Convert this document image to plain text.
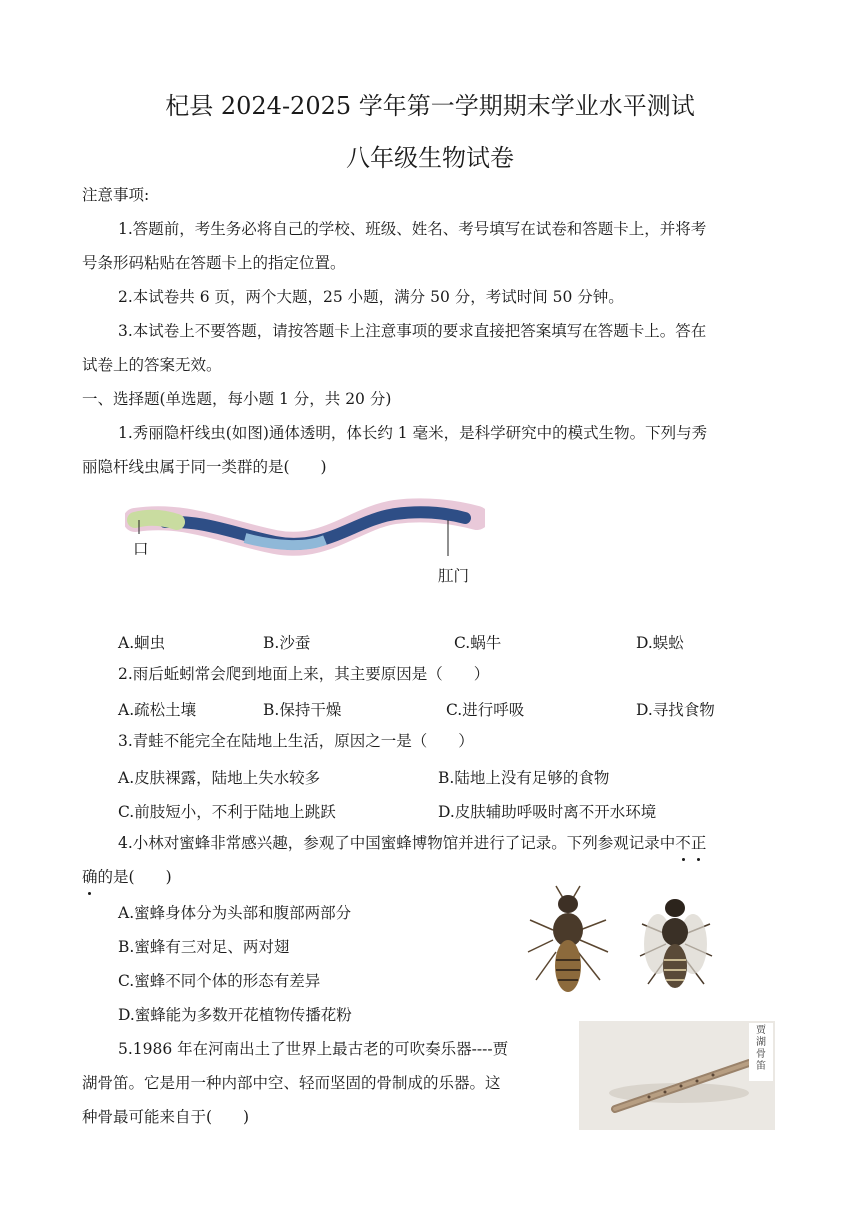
杞县 2024-2025 学年第一学期期末学业水平测试
八年级生物试卷
注意事项:
1.答题前，考生务必将自己的学校、班级、姓名、考号填写在试卷和答题卡上，并将考
号条形码粘贴在答题卡上的指定位置。
2.本试卷共 6 页，两个大题，25 小题，满分 50 分，考试时间 50 分钟。
3.本试卷上不要答题，请按答题卡上注意事项的要求直接把答案填写在答题卡上。答在
试卷上的答案无效。
一、选择题(单选题，每小题 1 分，共 20 分)
1.秀丽隐杆线虫(如图)通体透明，体长约 1 毫米，是科学研究中的模式生物。下列与秀
丽隐杆线虫属于同一类群的是(　　)
口
肛门
A.蛔虫	B.沙蚕	C.蜗牛	D.蜈蚣
2.雨后蚯蚓常会爬到地面上来，其主要原因是（　　）
A.疏松土壤	B.保持干燥	C.进行呼吸	D.寻找食物
3.青蛙不能完全在陆地上生活，原因之一是（　　）
A.皮肤裸露，陆地上失水较多	B.陆地上没有足够的食物
C.前肢短小，不利于陆地上跳跃	D.皮肤辅助呼吸时离不开水环境
4.小林对蜜蜂非常感兴趣，参观了中国蜜蜂博物馆并进行了记录。下列参观记录中不正
确的是(　　)
A.蜜蜂身体分为头部和腹部两部分
B.蜜蜂有三对足、两对翅
C.蜜蜂不同个体的形态有差异
D.蜜蜂能为多数开花植物传播花粉
5.1986 年在河南出土了世界上最古老的可吹奏乐器----贾
湖骨笛。它是用一种内部中空、轻而坚固的骨制成的乐器。这
种骨最可能来自于(　　)
贾湖骨笛
